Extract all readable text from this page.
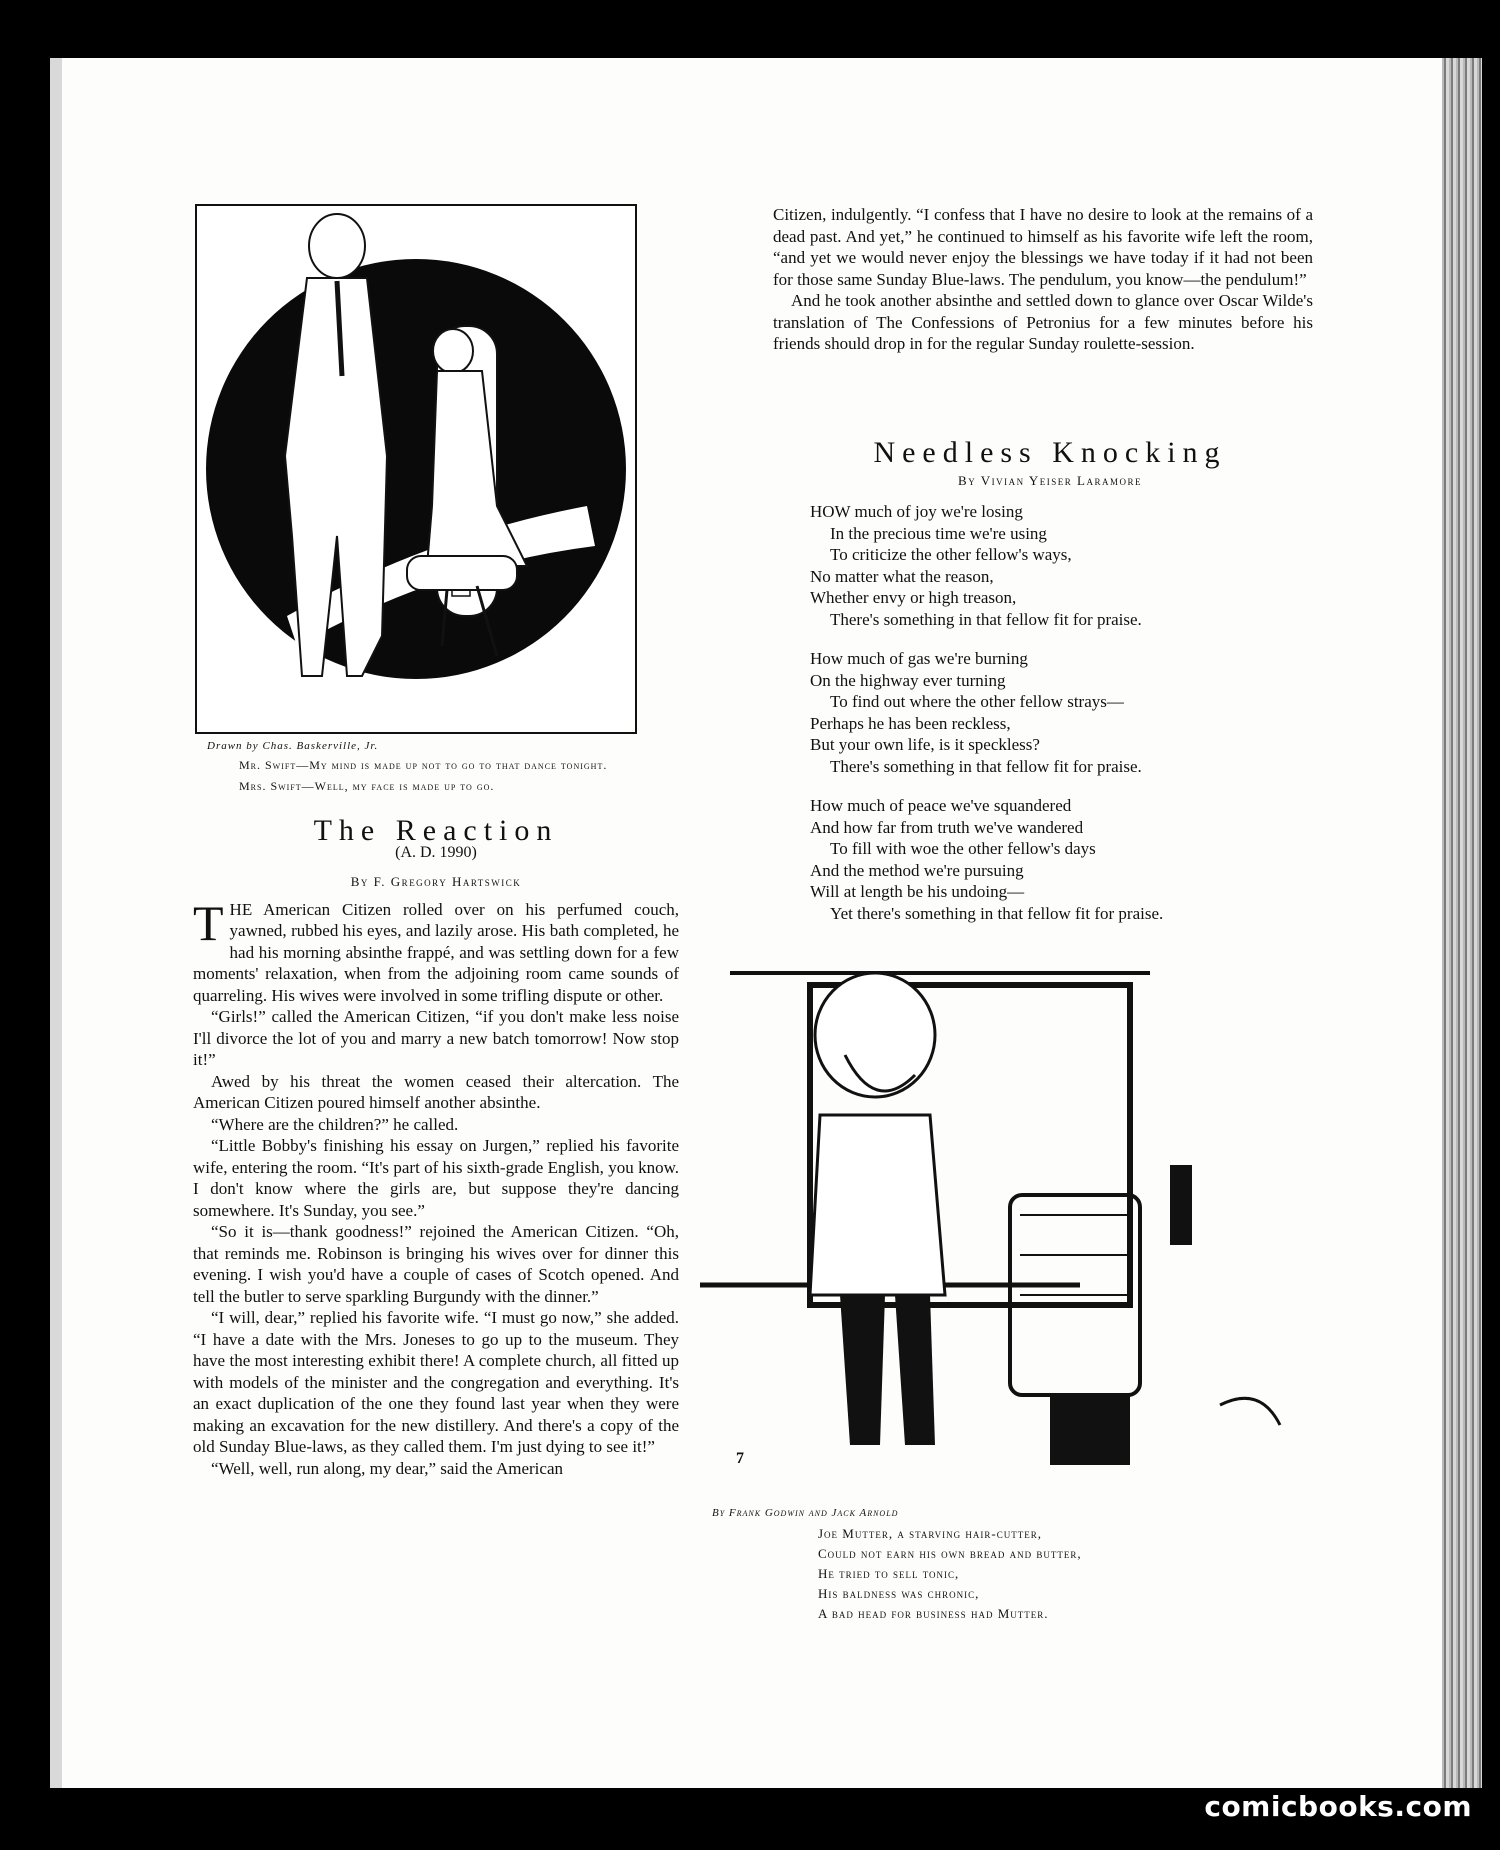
Drawn by Chas. Baskerville, Jr.
Mr. Swift—My mind is made up not to go to that dance tonight.
Mrs. Swift—Well, my face is made up to go.
The Reaction
(A. D. 1990)
By F. Gregory Hartswick

THE American Citizen rolled over on his perfumed couch, yawned, rubbed his eyes, and lazily arose. His bath completed, he had his morning absinthe frappé, and was settling down for a few moments' relaxation, when from the adjoining room came sounds of quarreling. His wives were involved in some trifling dispute or other.

“Girls!” called the American Citizen, “if you don't make less noise I'll divorce the lot of you and marry a new batch tomorrow! Now stop it!”

Awed by his threat the women ceased their altercation. The American Citizen poured himself another absinthe.

“Where are the children?” he called.

“Little Bobby's finishing his essay on Jurgen,” replied his favorite wife, entering the room. “It's part of his sixth-grade English, you know. I don't know where the girls are, but suppose they're dancing somewhere. It's Sunday, you see.”

“So it is—thank goodness!” rejoined the American Citizen. “Oh, that reminds me. Robinson is bringing his wives over for dinner this evening. I wish you'd have a couple of cases of Scotch opened. And tell the butler to serve sparkling Burgundy with the dinner.”

“I will, dear,” replied his favorite wife. “I must go now,” she added. “I have a date with the Mrs. Joneses to go up to the museum. They have the most interesting exhibit there! A complete church, all fitted up with models of the minister and the congregation and everything. It's an exact duplication of the one they found last year when they were making an excavation for the new distillery. And there's a copy of the old Sunday Blue-laws, as they called them. I'm just dying to see it!”

“Well, well, run along, my dear,” said the American

Citizen, indulgently. “I confess that I have no desire to look at the remains of a dead past. And yet,” he continued to himself as his favorite wife left the room, “and yet we would never enjoy the blessings we have today if it had not been for those same Sunday Blue-laws. The pendulum, you know—the pendulum!”

And he took another absinthe and settled down to glance over Oscar Wilde's translation of The Confessions of Petronius for a few minutes before his friends should drop in for the regular Sunday roulette-session.

Needless Knocking
By Vivian Yeiser Laramore
HOW much of joy we're losing
In the precious time we're using
To criticize the other fellow's ways,
No matter what the reason,
Whether envy or high treason,
There's something in that fellow fit for praise.
How much of gas we're burning
On the highway ever turning
To find out where the other fellow strays—
Perhaps he has been reckless,
But your own life, is it speckless?
There's something in that fellow fit for praise.
How much of peace we've squandered
And how far from truth we've wandered
To fill with woe the other fellow's days
And the method we're pursuing
Will at length be his undoing—
Yet there's something in that fellow fit for praise.
By Frank Godwin and Jack Arnold
Joe Mutter, a starving hair-cutter,
Could not earn his own bread and butter,
He tried to sell tonic,
His baldness was chronic,
A bad head for business had Mutter.
7
comicbooks.com
